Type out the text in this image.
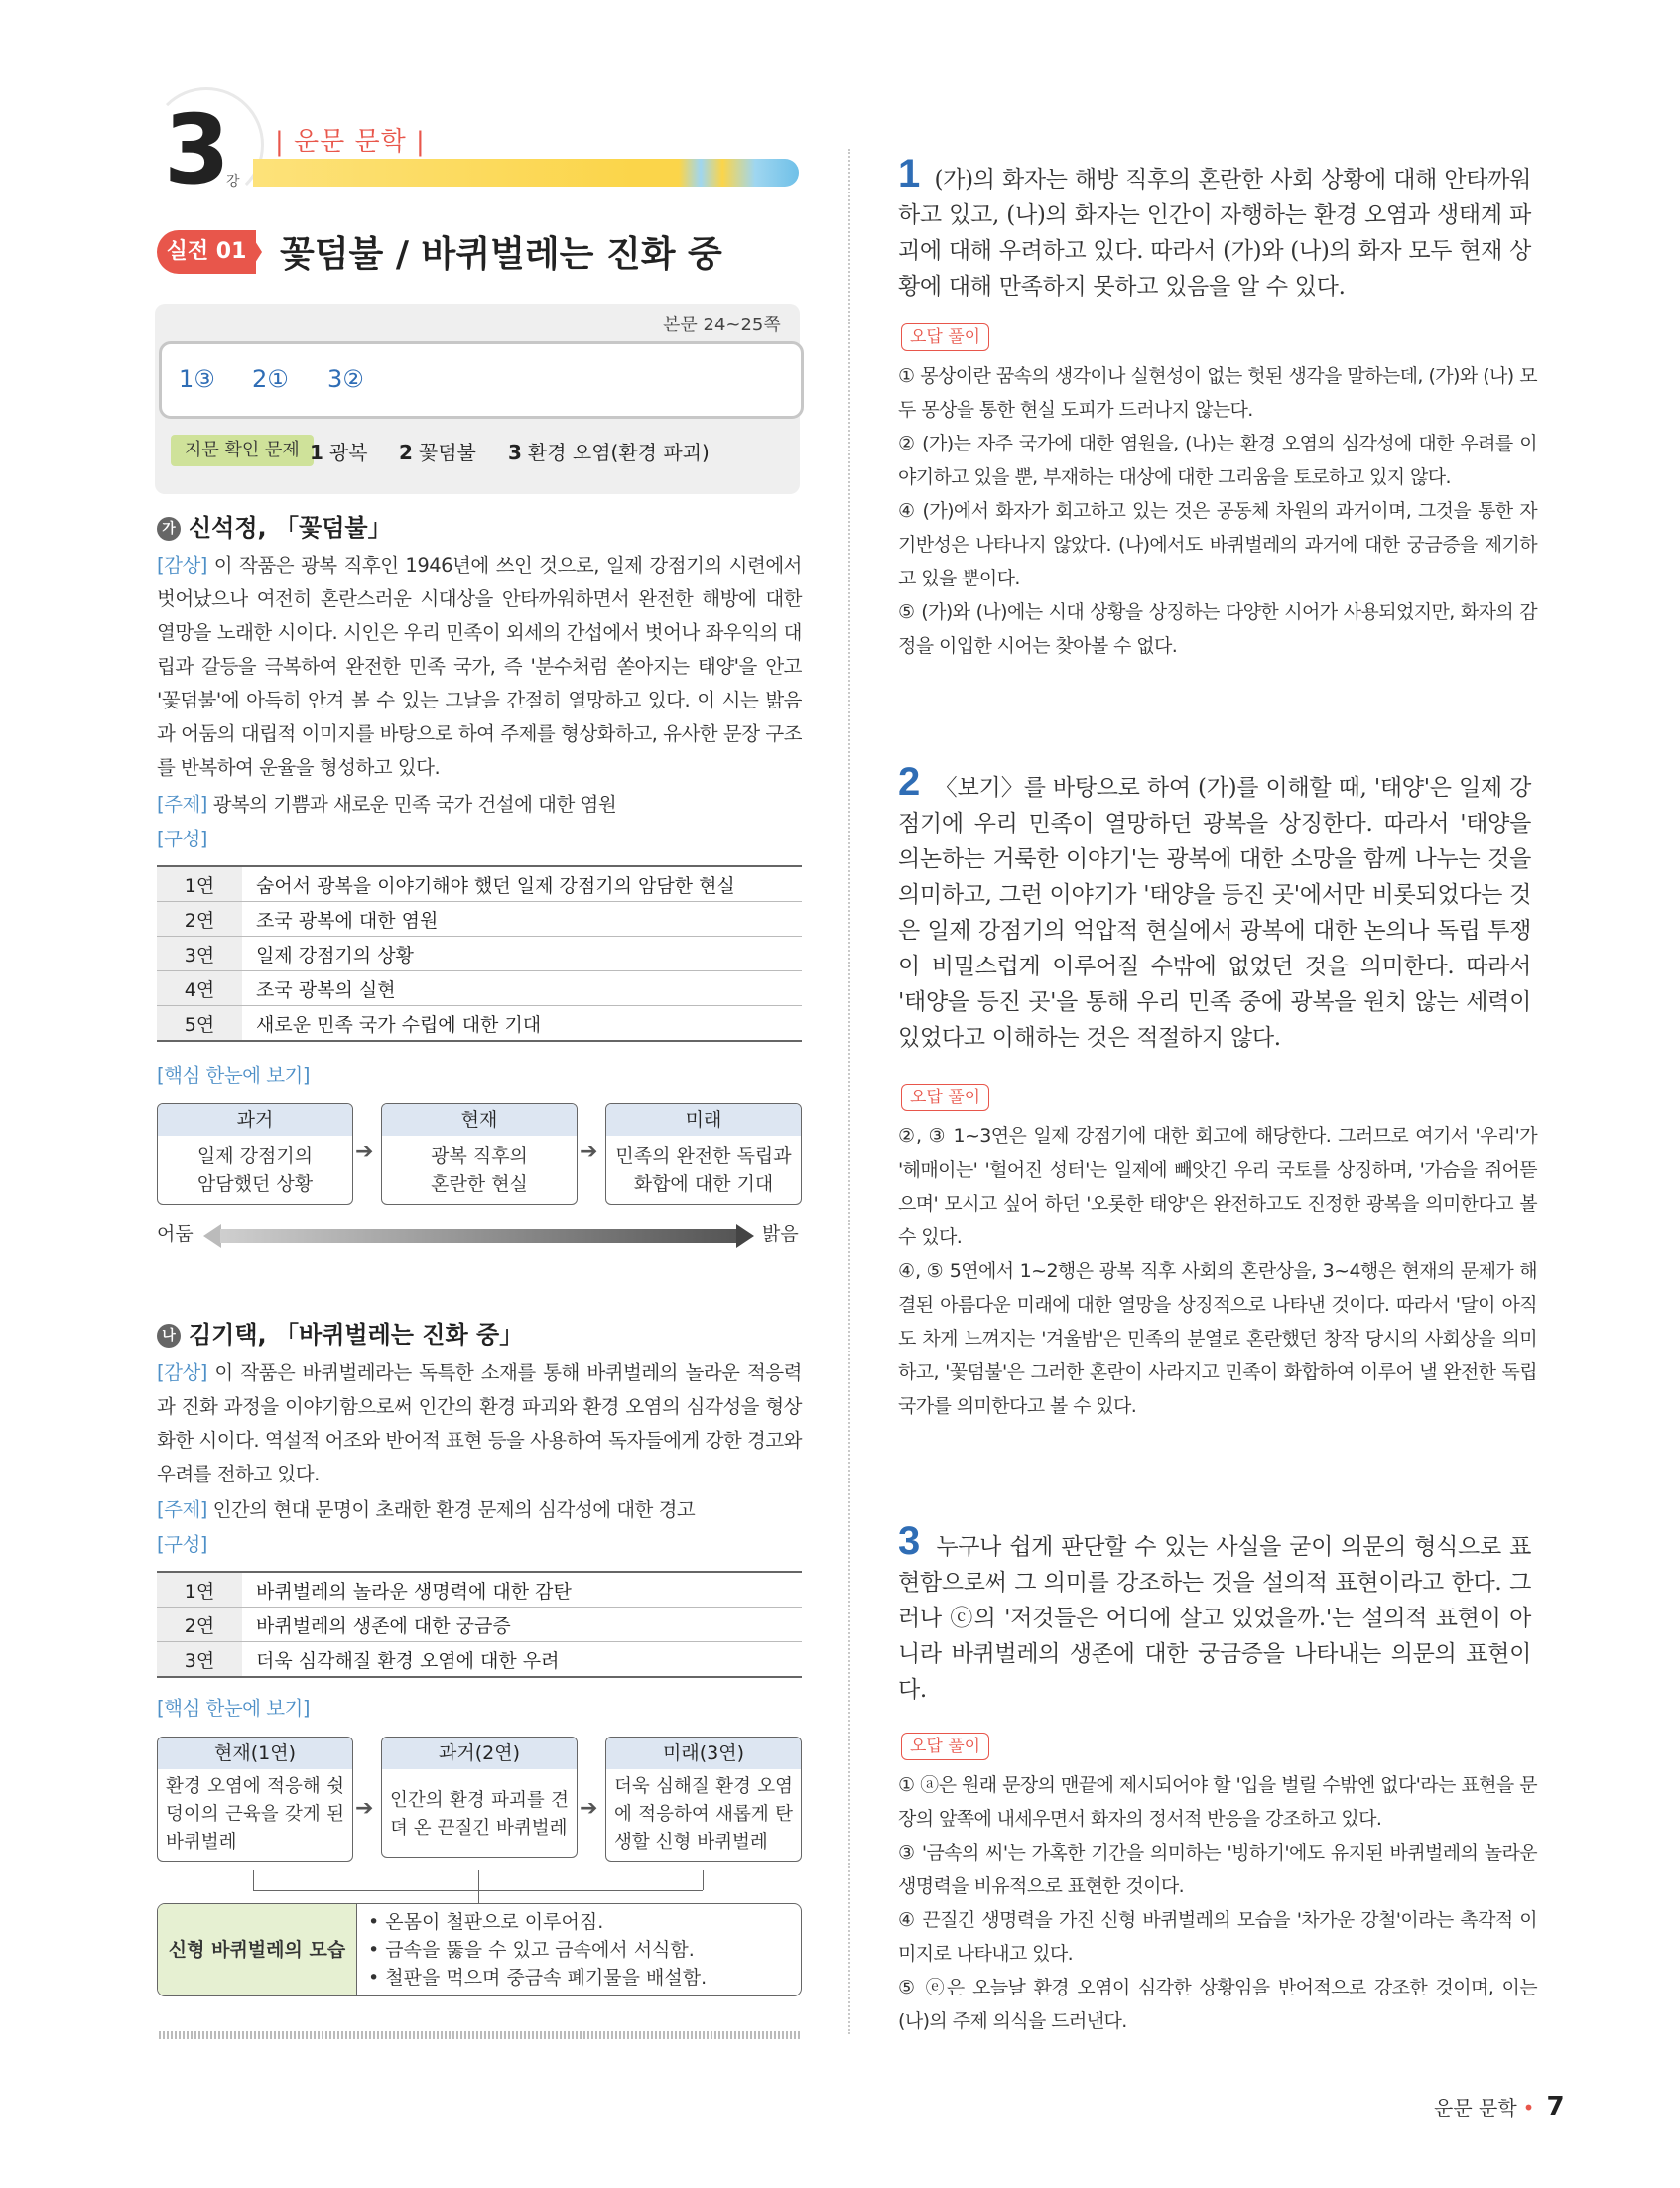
3 강
| 운문 문학 |
실전 01 꽃덤불 / 바퀴벌레는 진화 중
본문 24~25쪽
1③ 2① 3②
지문 확인 문제 1 광복 2 꽃덤불 3 환경 오염(환경 파괴)
가 신석정, 「꽃덤불」
[감상] 이 작품은 광복 직후인 1946년에 쓰인 것으로, 일제 강점기의 시련에서 벗어났으나 여전히 혼란스러운 시대상을 안타까워하면서 완전한 해방에 대한 열망을 노래한 시이다. 시인은 우리 민족이 외세의 간섭에서 벗어나 좌우익의 대립과 갈등을 극복하여 완전한 민족 국가, 즉 '분수처럼 쏟아지는 태양'을 안고 '꽃덤불'에 아득히 안겨 볼 수 있는 그날을 간절히 열망하고 있다. 이 시는 밝음과 어둠의 대립적 이미지를 바탕으로 하여 주제를 형상화하고, 유사한 문장 구조를 반복하여 운율을 형성하고 있다.
[주제] 광복의 기쁨과 새로운 민족 국가 건설에 대한 염원
[구성]
1연	숨어서 광복을 이야기해야 했던 일제 강점기의 암담한 현실
2연	조국 광복에 대한 염원
3연	일제 강점기의 상황
4연	조국 광복의 실현
5연	새로운 민족 국가 수립에 대한 기대
[핵심 한눈에 보기]
과거
일제 강점기의
암담했던 상황
➔
현재
광복 직후의
혼란한 현실
➔
미래
민족의 완전한 독립과
화합에 대한 기대
어둠	밝음
나 김기택, 「바퀴벌레는 진화 중」
[감상] 이 작품은 바퀴벌레라는 독특한 소재를 통해 바퀴벌레의 놀라운 적응력과 진화 과정을 이야기함으로써 인간의 환경 파괴와 환경 오염의 심각성을 형상화한 시이다. 역설적 어조와 반어적 표현 등을 사용하여 독자들에게 강한 경고와 우려를 전하고 있다.
[주제] 인간의 현대 문명이 초래한 환경 문제의 심각성에 대한 경고
[구성]
1연	바퀴벌레의 놀라운 생명력에 대한 감탄
2연	바퀴벌레의 생존에 대한 궁금증
3연	더욱 심각해질 환경 오염에 대한 우려
[핵심 한눈에 보기]
현재(1연)
환경 오염에 적응해 쉿덩이의 근육을 갖게 된 바퀴벌레
➔
과거(2연)
인간의 환경 파괴를 견뎌 온 끈질긴 바퀴벌레
➔
미래(3연)
더욱 심해질 환경 오염에 적응하여 새롭게 탄생할 신형 바퀴벌레
신형 바퀴벌레의 모습
• 온몸이 철판으로 이루어짐.
• 금속을 뚫을 수 있고 금속에서 서식함.
• 철판을 먹으며 중금속 폐기물을 배설함.
1 (가)의 화자는 해방 직후의 혼란한 사회 상황에 대해 안타까워하고 있고, (나)의 화자는 인간이 자행하는 환경 오염과 생태계 파괴에 대해 우려하고 있다. 따라서 (가)와 (나)의 화자 모두 현재 상황에 대해 만족하지 못하고 있음을 알 수 있다.
오답 풀이
① 몽상이란 꿈속의 생각이나 실현성이 없는 헛된 생각을 말하는데, (가)와 (나) 모두 몽상을 통한 현실 도피가 드러나지 않는다.
② (가)는 자주 국가에 대한 염원을, (나)는 환경 오염의 심각성에 대한 우려를 이야기하고 있을 뿐, 부재하는 대상에 대한 그리움을 토로하고 있지 않다.
④ (가)에서 화자가 회고하고 있는 것은 공동체 차원의 과거이며, 그것을 통한 자기반성은 나타나지 않았다. (나)에서도 바퀴벌레의 과거에 대한 궁금증을 제기하고 있을 뿐이다.
⑤ (가)와 (나)에는 시대 상황을 상징하는 다양한 시어가 사용되었지만, 화자의 감정을 이입한 시어는 찾아볼 수 없다.
2 〈보기〉를 바탕으로 하여 (가)를 이해할 때, '태양'은 일제 강점기에 우리 민족이 열망하던 광복을 상징한다. 따라서 '태양을 의논하는 거룩한 이야기'는 광복에 대한 소망을 함께 나누는 것을 의미하고, 그런 이야기가 '태양을 등진 곳'에서만 비롯되었다는 것은 일제 강점기의 억압적 현실에서 광복에 대한 논의나 독립 투쟁이 비밀스럽게 이루어질 수밖에 없었던 것을 의미한다. 따라서 '태양을 등진 곳'을 통해 우리 민족 중에 광복을 원치 않는 세력이 있었다고 이해하는 것은 적절하지 않다.
오답 풀이
②, ③ 1~3연은 일제 강점기에 대한 회고에 해당한다. 그러므로 여기서 '우리'가 '헤매이는' '헐어진 성터'는 일제에 빼앗긴 우리 국토를 상징하며, '가슴을 쥐어뜯으며' 모시고 싶어 하던 '오롯한 태양'은 완전하고도 진정한 광복을 의미한다고 볼 수 있다.
④, ⑤ 5연에서 1~2행은 광복 직후 사회의 혼란상을, 3~4행은 현재의 문제가 해결된 아름다운 미래에 대한 열망을 상징적으로 나타낸 것이다. 따라서 '달이 아직도 차게 느껴지는 '겨울밤'은 민족의 분열로 혼란했던 창작 당시의 사회상을 의미하고, '꽃덤불'은 그러한 혼란이 사라지고 민족이 화합하여 이루어 낼 완전한 독립 국가를 의미한다고 볼 수 있다.
3 누구나 쉽게 판단할 수 있는 사실을 굳이 의문의 형식으로 표현함으로써 그 의미를 강조하는 것을 설의적 표현이라고 한다. 그러나 ⓒ의 '저것들은 어디에 살고 있었을까.'는 설의적 표현이 아니라 바퀴벌레의 생존에 대한 궁금증을 나타내는 의문의 표현이다.
오답 풀이
① ⓐ은 원래 문장의 맨끝에 제시되어야 할 '입을 벌릴 수밖엔 없다'라는 표현을 문장의 앞쪽에 내세우면서 화자의 정서적 반응을 강조하고 있다.
③ '금속의 씨'는 가혹한 기간을 의미하는 '빙하기'에도 유지된 바퀴벌레의 놀라운 생명력을 비유적으로 표현한 것이다.
④ 끈질긴 생명력을 가진 신형 바퀴벌레의 모습을 '차가운 강철'이라는 촉각적 이미지로 나타내고 있다.
⑤ ⓔ은 오늘날 환경 오염이 심각한 상황임을 반어적으로 강조한 것이며, 이는 (나)의 주제 의식을 드러낸다.
운문 문학 • 7
